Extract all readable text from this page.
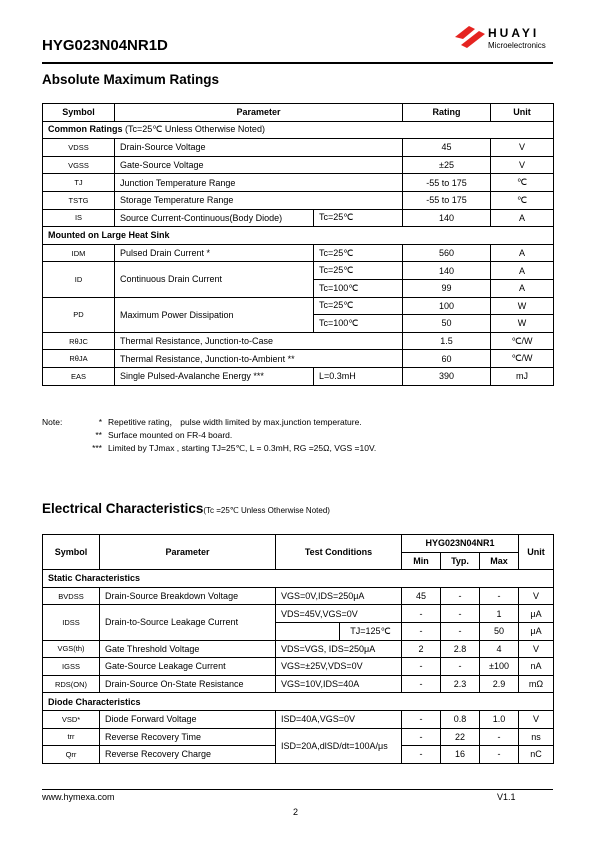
HYG023N04NR1D
HUAYI
Microelectronics
Absolute Maximum Ratings
Symbol	Parameter		Rating	Unit
Common Ratings (Tc=25℃ Unless Otherwise Noted)				
VDSS	Drain-Source Voltage		45	V
VGSS	Gate-Source Voltage		±25	V
TJ	Junction Temperature Range		-55 to 175	℃
TSTG	Storage Temperature Range		-55 to 175	℃
IS	Source Current-Continuous(Body Diode)	Tc=25℃	140	A
Mounted on Large Heat Sink				
IDM	Pulsed Drain Current *	Tc=25℃	560	A
ID	Continuous Drain Current	Tc=25℃	140	A
		Tc=100℃	99	A
PD	Maximum Power Dissipation	Tc=25℃	100	W
		Tc=100℃	50	W
RθJC	Thermal Resistance, Junction-to-Case		1.5	℃/W
RθJA	Thermal Resistance, Junction-to-Ambient **		60	℃/W
EAS	Single Pulsed-Avalanche Energy ***	L=0.3mH	390	mJ
Note:	* Repetitive rating， pulse width limited by max.junction temperature.
** Surface mounted on FR-4 board.
*** Limited by TJmax , starting TJ=25℃, L = 0.3mH, RG =25Ω, VGS =10V.
Electrical Characteristics(Tc =25℃ Unless Otherwise Noted)
Symbol	Parameter	Test Conditions		HYG023N04NR1			Unit
				Min	Typ.	Max	
Static Characteristics							
BVDSS	Drain-Source Breakdown Voltage	VGS=0V,IDS=250μA		45	-	-	V
IDSS	Drain-to-Source Leakage Current	VDS=45V,VGS=0V		-	-	1	μA
			TJ=125℃	-	-	50	μA
VGS(th)	Gate Threshold Voltage	VDS=VGS, IDS=250μA		2	2.8	4	V
IGSS	Gate-Source Leakage Current	VGS=±25V,VDS=0V		-	-	±100	nA
RDS(ON)	Drain-Source On-State Resistance	VGS=10V,IDS=40A		-	2.3	2.9	mΩ
Diode Characteristics							
VSD*	Diode Forward Voltage	ISD=40A,VGS=0V		-	0.8	1.0	V
trr	Reverse Recovery Time	ISD=20A,dlSD/dt=100A/μs		-	22	-	ns
Qrr	Reverse Recovery Charge			-	16	-	nC
www.hymexa.com	V1.1
2
